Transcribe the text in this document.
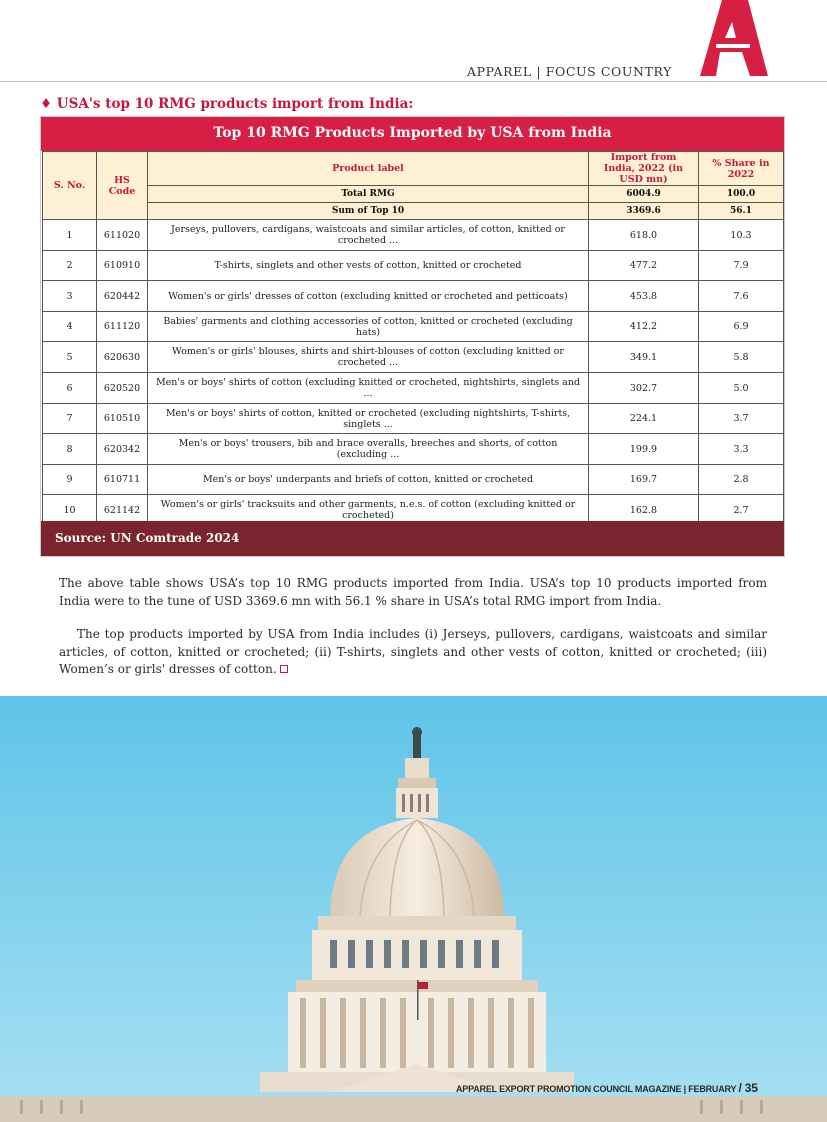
APPAREL | FOCUS COUNTRY
♦ USA's top 10 RMG products import from India:
Top 10 RMG Products Imported by USA from India
S. No.	HS Code	Product label	Import from India, 2022 (in USD mn)	% Share in 2022
		Total RMG	6004.9	100.0
		Sum of Top 10	3369.6	56.1
1	611020	Jerseys, pullovers, cardigans, waistcoats and similar articles, of cotton, knitted or crocheted ...	618.0	10.3
2	610910	T-shirts, singlets and other vests of cotton, knitted or crocheted	477.2	7.9
3	620442	Women's or girls' dresses of cotton (excluding knitted or crocheted and petticoats)	453.8	7.6
4	611120	Babies' garments and clothing accessories of cotton, knitted or crocheted (excluding hats)	412.2	6.9
5	620630	Women's or girls' blouses, shirts and shirt-blouses of cotton (excluding knitted or crocheted ...	349.1	5.8
6	620520	Men's or boys' shirts of cotton (excluding knitted or crocheted, nightshirts, singlets and ...	302.7	5.0
7	610510	Men's or boys' shirts of cotton, knitted or crocheted (excluding nightshirts, T-shirts, singlets ...	224.1	3.7
8	620342	Men's or boys' trousers, bib and brace overalls, breeches and shorts, of cotton (excluding ...	199.9	3.3
9	610711	Men's or boys' underpants and briefs of cotton, knitted or crocheted	169.7	2.8
10	621142	Women's or girls' tracksuits and other garments, n.e.s. of cotton (excluding knitted or crocheted)	162.8	2.7
Source: UN Comtrade 2024

The above table shows USA’s top 10 RMG products imported from India. USA’s top 10 products imported from India were to the tune of USD 3369.6 mn with 56.1 % share in USA’s total RMG import from India.

The top products imported by USA from India includes (i) Jerseys, pullovers, cardigans, waistcoats and similar articles, of cotton, knitted or crocheted; (ii) T-shirts, singlets and other vests of cotton, knitted or crocheted; (iii) Women’s or girls' dresses of cotton.

APPAREL EXPORT PROMOTION COUNCIL MAGAZINE | FEBRUARY / 35
